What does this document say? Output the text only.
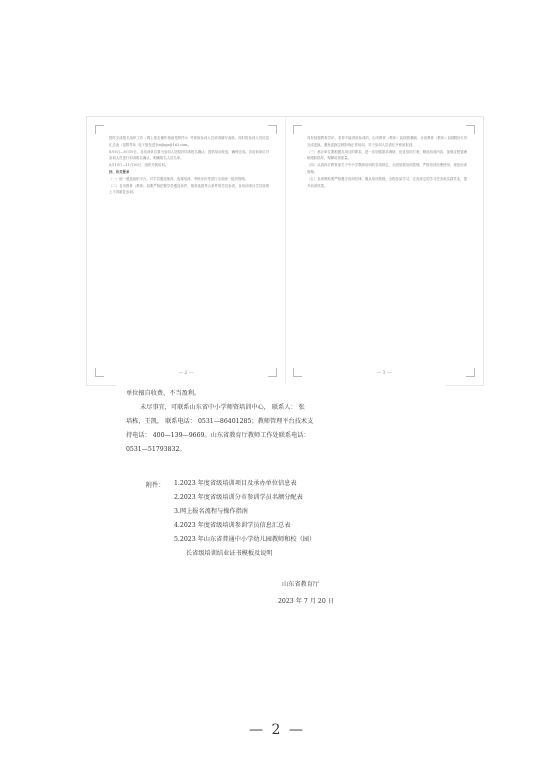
按时完成报名组织工作（网上报名操作指南见附件3）并规如参训人员须得填写表格。同时将参训人员信息汇总表（见附件4）电子版发送至sdjsgz@163.com。
8月6日—8月10日，各培训单位要为参训人员做好培训报名确认，提供培训发放，确保完成。各培训单位对参训人员进行培训报名确认，明确报名人员名单。
8月10日—11月30日，组织开展培训。
四、有关要求
（一）统一遴选组织平台。对学员遴选推荐、选课培训、考核评价等进行全省统一组织管理。
（二）各市教育（教体）局要严格把握学员遴选条件，推荐选拔符合条件的学员参训，各培训项目学员原则上不得重复参训。
— 2 —
具有较强教育学识，坚持不能得到参训的，由市教育（教体）局按照兼顾、全省教育（教体）局期限5天内完成更换，避免更换空缺影响正常培训，对于参训人员请在开班前报到。
（三）承办单位要根据各项目的要求，进一步加强需求调研，优化培训方案，精选培训内容，加强过程管理和跟踪指导，保障培训质量。
（四）认真执行教育部关于中小学教师培训的各项规定，全面加强培训管理，严格培训经费使用，规范培训管理。
（五）参训教师要严格遵守培训纪律，服从培训管理，全程参加学习，完成规定的学习任务和实践作业，提升培训效果。
— 3 —
单位擅自收费、不当盈利。
未尽事宜，可联系山东省中小学师资培训中心， 联系人： 张
培栋，王凯， 联系电话： 0531—86401285；教师管理平台技术支
持电话： 400—139—9669。山东省教育厅教师工作处联系电话：
0531—51793832。
附件： 1.2023 年度省级培训项目及承办单位信息表
2.2023 年度省级培训分市参训学员名额分配表
3.网上报名流程与操作指南
4.2023 年度省级培训参训学员信息汇总表
5.2023 年山东省普通中小学幼儿园教师和校（园）
长省级培训结业证书模板及说明
山东省教育厅
2023 年 7 月 20 日
— 2 —
